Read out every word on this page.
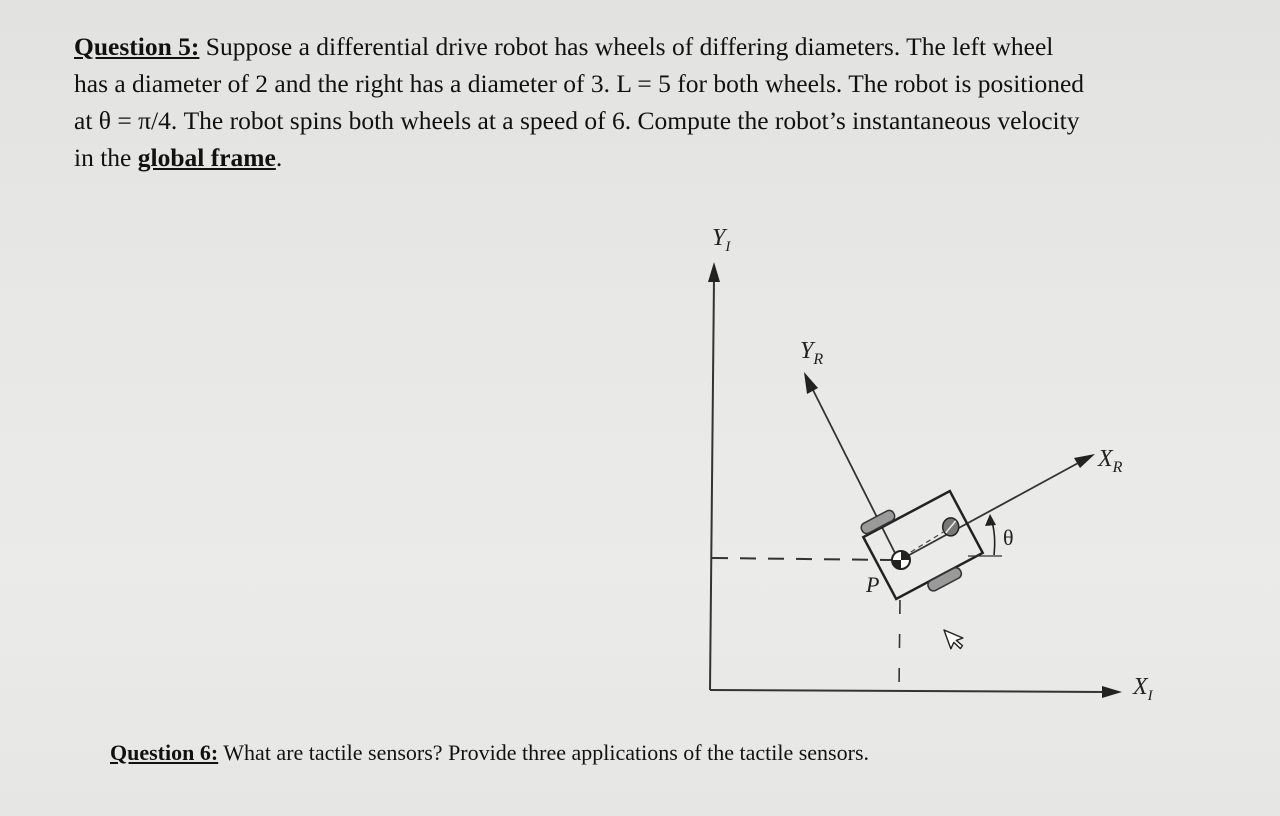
Question 5: Suppose a differential drive robot has wheels of differing diameters. The left wheel
has a diameter of 2 and the right has a diameter of 3. L = 5 for both wheels. The robot is positioned
at θ = π/4. The robot spins both wheels at a speed of 6. Compute the robot’s instantaneous velocity
in the global frame.
$Y_I$
$X_I$
$Y_R$
$X_R$
P
θ
Question 6: What are tactile sensors? Provide three applications of the tactile sensors.
